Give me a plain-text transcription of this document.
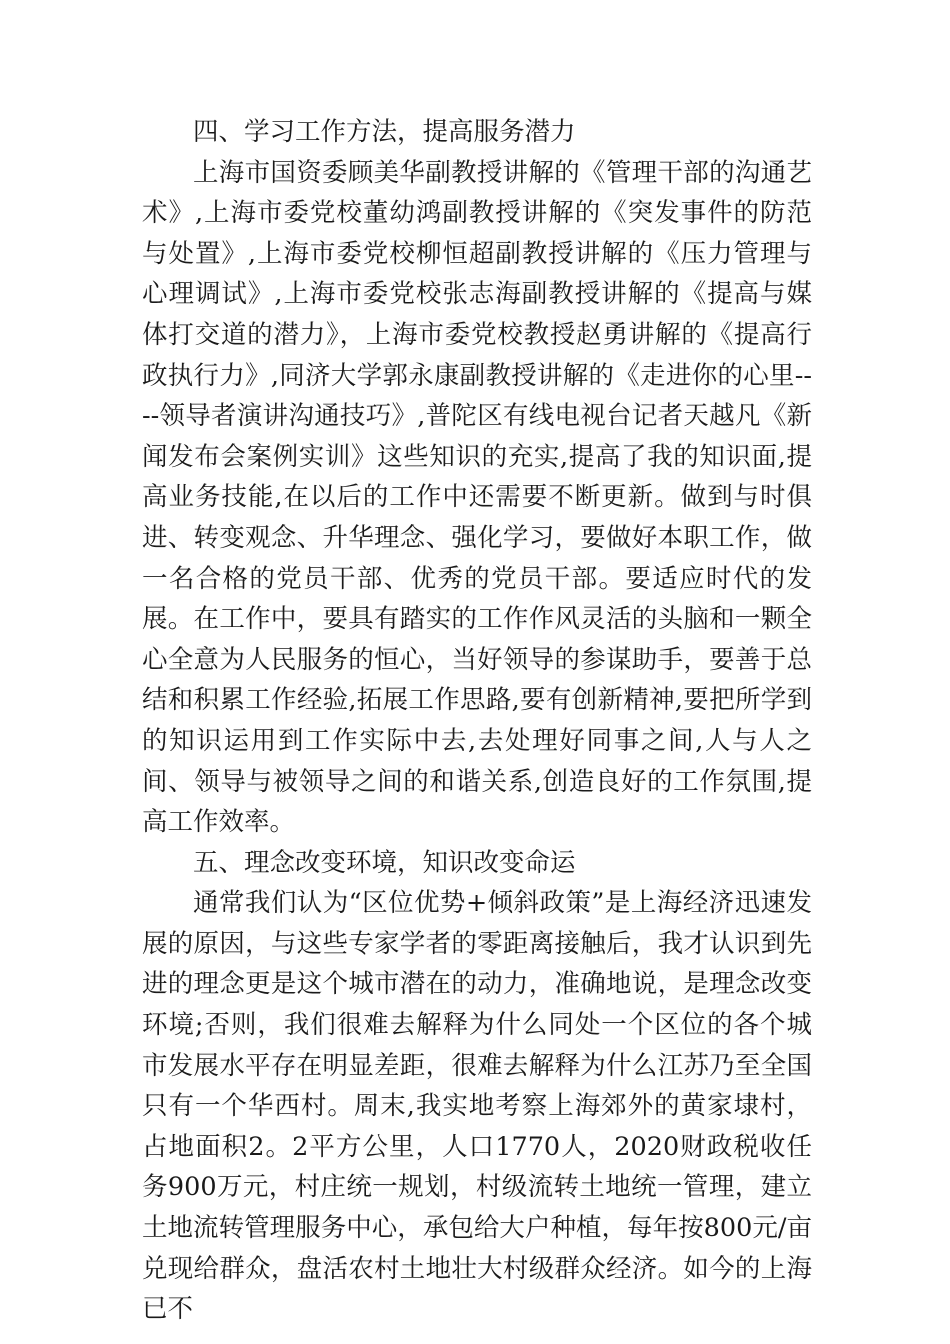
四、学习工作方法，提高服务潜力

上海市国资委顾美华副教授讲解的《管理干部的沟通艺术》,上海市委党校董幼鸿副教授讲解的《突发事件的防范与处置》,上海市委党校柳恒超副教授讲解的《压力管理与心理调试》,上海市委党校张志海副教授讲解的《提高与媒体打交道的潜力》，上海市委党校教授赵勇讲解的《提高行政执行力》,同济大学郭永康副教授讲解的《走进你的心里----领导者演讲沟通技巧》,普陀区有线电视台记者天越凡《新闻发布会案例实训》这些知识的充实,提高了我的知识面,提高业务技能,在以后的工作中还需要不断更新。做到与时俱进、转变观念、升华理念、强化学习，要做好本职工作，做一名合格的党员干部、优秀的党员干部。要适应时代的发展。在工作中，要具有踏实的工作作风灵活的头脑和一颗全心全意为人民服务的恒心，当好领导的参谋助手，要善于总结和积累工作经验,拓展工作思路,要有创新精神,要把所学到的知识运用到工作实际中去,去处理好同事之间,人与人之间、领导与被领导之间的和谐关系,创造良好的工作氛围,提高工作效率。

五、理念改变环境，知识改变命运

通常我们认为“区位优势+倾斜政策”是上海经济迅速发展的原因，与这些专家学者的零距离接触后，我才认识到先进的理念更是这个城市潜在的动力，准确地说，是理念改变环境;否则，我们很难去解释为什么同处一个区位的各个城市发展水平存在明显差距，很难去解释为什么江苏乃至全国只有一个华西村。周末,我实地考察上海郊外的黄家埭村，占地面积2。2平方公里，人口1770人，2020财政税收任务900万元，村庄统一规划，村级流转土地统一管理，建立土地流转管理服务中心，承包给大户种植，每年按800元/亩兑现给群众，盘活农村土地壮大村级群众经济。如今的上海已不
